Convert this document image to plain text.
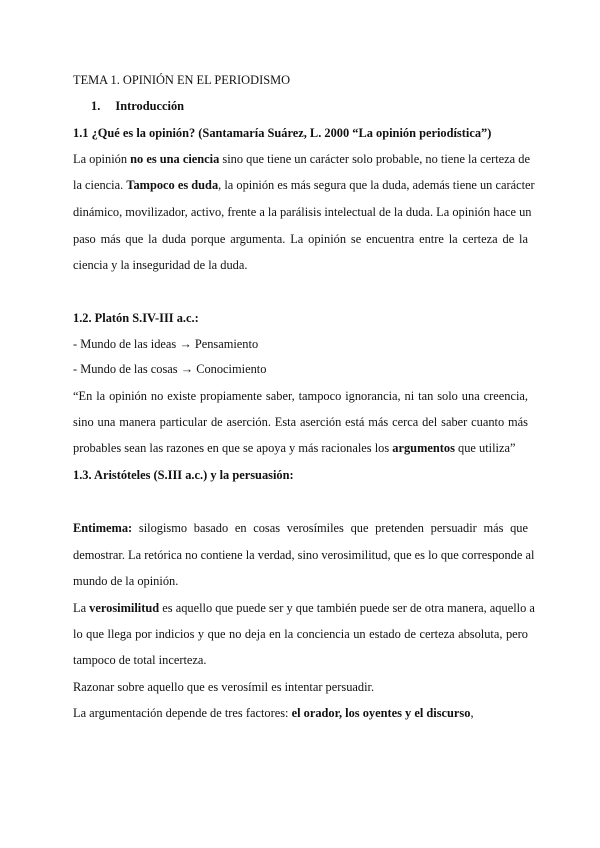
TEMA 1. OPINIÓN EN EL PERIODISMO
1. Introducción
1.1 ¿Qué es la opinión? (Santamaría Suárez, L. 2000 “La opinión periodística”)
La opinión no es una ciencia sino que tiene un carácter solo probable, no tiene la certeza de
la ciencia. Tampoco es duda, la opinión es más segura que la duda, además tiene un carácter
dinámico, movilizador, activo, frente a la parálisis intelectual de la duda. La opinión hace un
paso más que la duda porque argumenta. La opinión se encuentra entre la certeza de la
ciencia y la inseguridad de la duda.
1.2. Platón S.IV-III a.c.:
- Mundo de las ideas → Pensamiento
- Mundo de las cosas → Conocimiento
“En la opinión no existe propiamente saber, tampoco ignorancia, ni tan solo una creencia,
sino una manera particular de aserción. Esta aserción está más cerca del saber cuanto más
probables sean las razones en que se apoya y más racionales los argumentos que utiliza”
1.3. Aristóteles (S.III a.c.) y la persuasión:
Entimema: silogismo basado en cosas verosímiles que pretenden persuadir más que
demostrar. La retórica no contiene la verdad, sino verosimilitud, que es lo que corresponde al
mundo de la opinión.
La verosimilitud es aquello que puede ser y que también puede ser de otra manera, aquello a
lo que llega por indicios y que no deja en la conciencia un estado de certeza absoluta, pero
tampoco de total incerteza.
Razonar sobre aquello que es verosímil es intentar persuadir.
La argumentación depende de tres factores: el orador, los oyentes y el discurso,
